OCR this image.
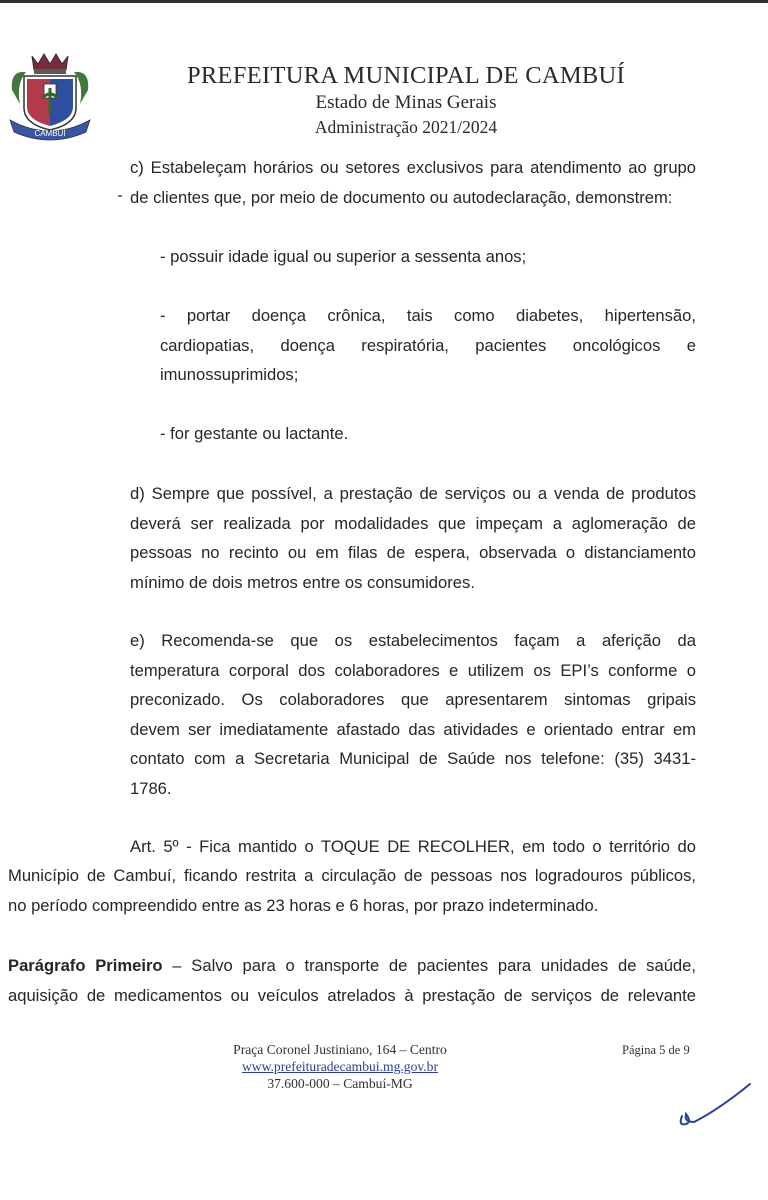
CAMBUÍ
PREFEITURA MUNICIPAL DE CAMBUÍ
Estado de Minas Gerais
Administração 2021/2024
c) Estabeleçam horários ou setores exclusivos para atendimento ao grupo
de clientes que, por meio de documento ou autodeclaração, demonstrem:
- possuir idade igual ou superior a sessenta anos;
- portar doença crônica, tais como diabetes, hipertensão,
cardiopatias, doença respiratória, pacientes oncológicos e
imunossuprimidos;
- for gestante ou lactante.
d) Sempre que possível, a prestação de serviços ou a venda de produtos
deverá ser realizada por modalidades que impeçam a aglomeração de
pessoas no recinto ou em filas de espera, observada o distanciamento
mínimo de dois metros entre os consumidores.
e) Recomenda-se que os estabelecimentos façam a aferição da
temperatura corporal dos colaboradores e utilizem os EPI’s conforme o
preconizado. Os colaboradores que apresentarem sintomas gripais
devem ser imediatamente afastado das atividades e orientado entrar em
contato com a Secretaria Municipal de Saúde nos telefone: (35) 3431-
1786.
Art. 5º - Fica mantido o TOQUE DE RECOLHER, em todo o território do
Município de Cambuí, ficando restrita a circulação de pessoas nos logradouros públicos,
no período compreendido entre as 23 horas e 6 horas, por prazo indeterminado.
Parágrafo Primeiro – Salvo para o transporte de pacientes para unidades de saúde,
aquisição de medicamentos ou veículos atrelados à prestação de serviços de relevante
Praça Coronel Justiniano, 164 – Centro
www.prefeituradecambui.mg.gov.br
37.600-000 – Cambuí-MG
Página 5 de 9
